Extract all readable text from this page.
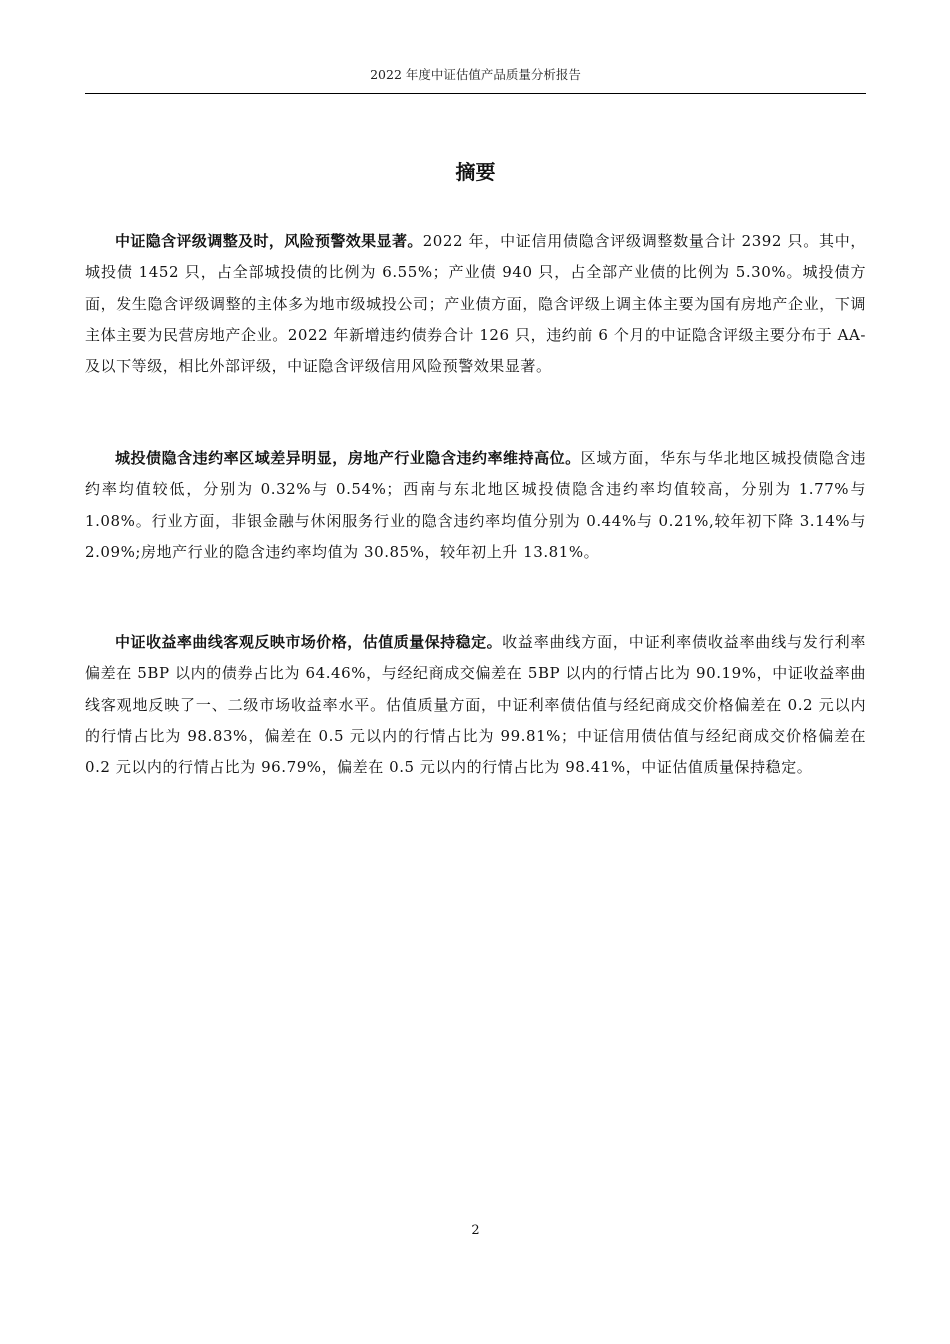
2022 年度中证估值产品质量分析报告
摘要

中证隐含评级调整及时，风险预警效果显著。2022 年，中证信用债隐含评级调整数量合计 2392 只。其中，城投债 1452 只，占全部城投债的比例为 6.55%；产业债 940 只，占全部产业债的比例为 5.30%。城投债方面，发生隐含评级调整的主体多为地市级城投公司；产业债方面，隐含评级上调主体主要为国有房地产企业，下调主体主要为民营房地产企业。2022 年新增违约债券合计 126 只，违约前 6 个月的中证隐含评级主要分布于 AA-及以下等级，相比外部评级，中证隐含评级信用风险预警效果显著。

城投债隐含违约率区域差异明显，房地产行业隐含违约率维持高位。区域方面，华东与华北地区城投债隐含违约率均值较低，分别为 0.32%与 0.54%；西南与东北地区城投债隐含违约率均值较高，分别为 1.77%与 1.08%。行业方面，非银金融与休闲服务行业的隐含违约率均值分别为 0.44%与 0.21%,较年初下降 3.14%与 2.09%;房地产行业的隐含违约率均值为 30.85%，较年初上升 13.81%。

中证收益率曲线客观反映市场价格，估值质量保持稳定。收益率曲线方面，中证利率债收益率曲线与发行利率偏差在 5BP 以内的债券占比为 64.46%，与经纪商成交偏差在 5BP 以内的行情占比为 90.19%，中证收益率曲线客观地反映了一、二级市场收益率水平。估值质量方面，中证利率债估值与经纪商成交价格偏差在 0.2 元以内的行情占比为 98.83%，偏差在 0.5 元以内的行情占比为 99.81%；中证信用债估值与经纪商成交价格偏差在 0.2 元以内的行情占比为 96.79%，偏差在 0.5 元以内的行情占比为 98.41%，中证估值质量保持稳定。

2
